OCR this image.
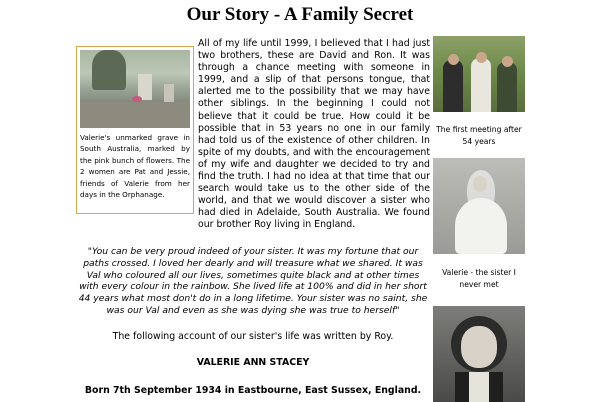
Our Story - A Family Secret
Valerie's unmarked grave in South Australia, marked by the pink bunch of flowers. The 2 women are Pat and Jessie, friends of Valerie from her days in the Orphanage.
All of my life until 1999, I believed that I had just two brothers, these are David and Ron. It was through a chance meeting with someone in 1999, and a slip of that persons tongue, that alerted me to the possibility that we may have other siblings. In the beginning I could not believe that it could be true. How could it be possible that in 53 years no one in our family had told us of the existence of other children. In spite of my doubts, and with the encouragement of my wife and daughter we decided to try and find the truth. I had no idea at that time that our search would take us to the other side of the world, and that we would discover a sister who had died in Adelaide, South Australia. We found our brother Roy living in England.
The first meeting after 54 years
Valerie - the sister I never met
"You can be very proud indeed of your sister. It was my fortune that our paths crossed. I loved her dearly and will treasure what we shared. It was Val who coloured all our lives, sometimes quite black and at other times with every colour in the rainbow. She lived life at 100% and did in her short 44 years what most don't do in a long lifetime. Your sister was no saint, she was our Val and even as she was dying she was true to herself"
The following account of our sister's life was written by Roy.
VALERIE ANN STACEY
Born 7th September 1934 in Eastbourne, East Sussex, England.
